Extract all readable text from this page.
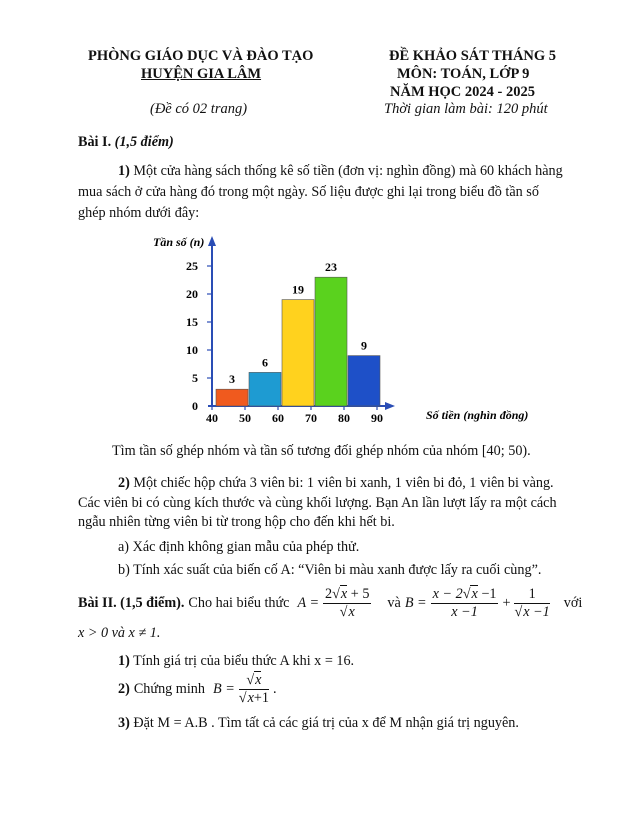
PHÒNG GIÁO DỤC VÀ ĐÀO TẠO
HUYỆN GIA LÂM
(Đề có 02 trang)
ĐỀ KHẢO SÁT THÁNG 5
MÔN: TOÁN, LỚP 9
NĂM HỌC 2024 - 2025
Thời gian làm bài: 120 phút
Bài I. (1,5 điểm)
1) Một cửa hàng sách thống kê số tiền (đơn vị: nghìn đồng) mà 60 khách hàng
mua sách ở cửa hàng đó trong một ngày. Số liệu được ghi lại trong biểu đồ tần số
ghép nhóm dưới đây:
Tần số (n)
Số tiền (nghìn đồng)
0
5
10
15
20
25
40 50 60 70 80 90
3
6
19
23
9
Tìm tần số ghép nhóm và tần số tương đối ghép nhóm của nhóm [40; 50).
2) Một chiếc hộp chứa 3 viên bi: 1 viên bi xanh, 1 viên bi đỏ, 1 viên bi vàng.
Các viên bi có cùng kích thước và cùng khối lượng. Bạn An lần lượt lấy ra một cách
ngẫu nhiên từng viên bi từ trong hộp cho đến khi hết bi.
a) Xác định không gian mẫu của phép thử.
b) Tính xác suất của biến cố A: “Viên bi màu xanh được lấy ra cuối cùng”.
Bài II. (1,5 điểm). Cho hai biểu thức $A = \frac{2√x + 5}{√x}$ và $B = \frac{x - 2√x -1}{x -1} + \frac{1}{√x -1}$ với
x > 0 và x ≠ 1.
1) Tính giá trị của biểu thức A khi x = 16.
2) Chứng minh $B = \frac{√x}{√x+1}$ .
3) Đặt M = A.B . Tìm tất cả các giá trị của x để M nhận giá trị nguyên.
